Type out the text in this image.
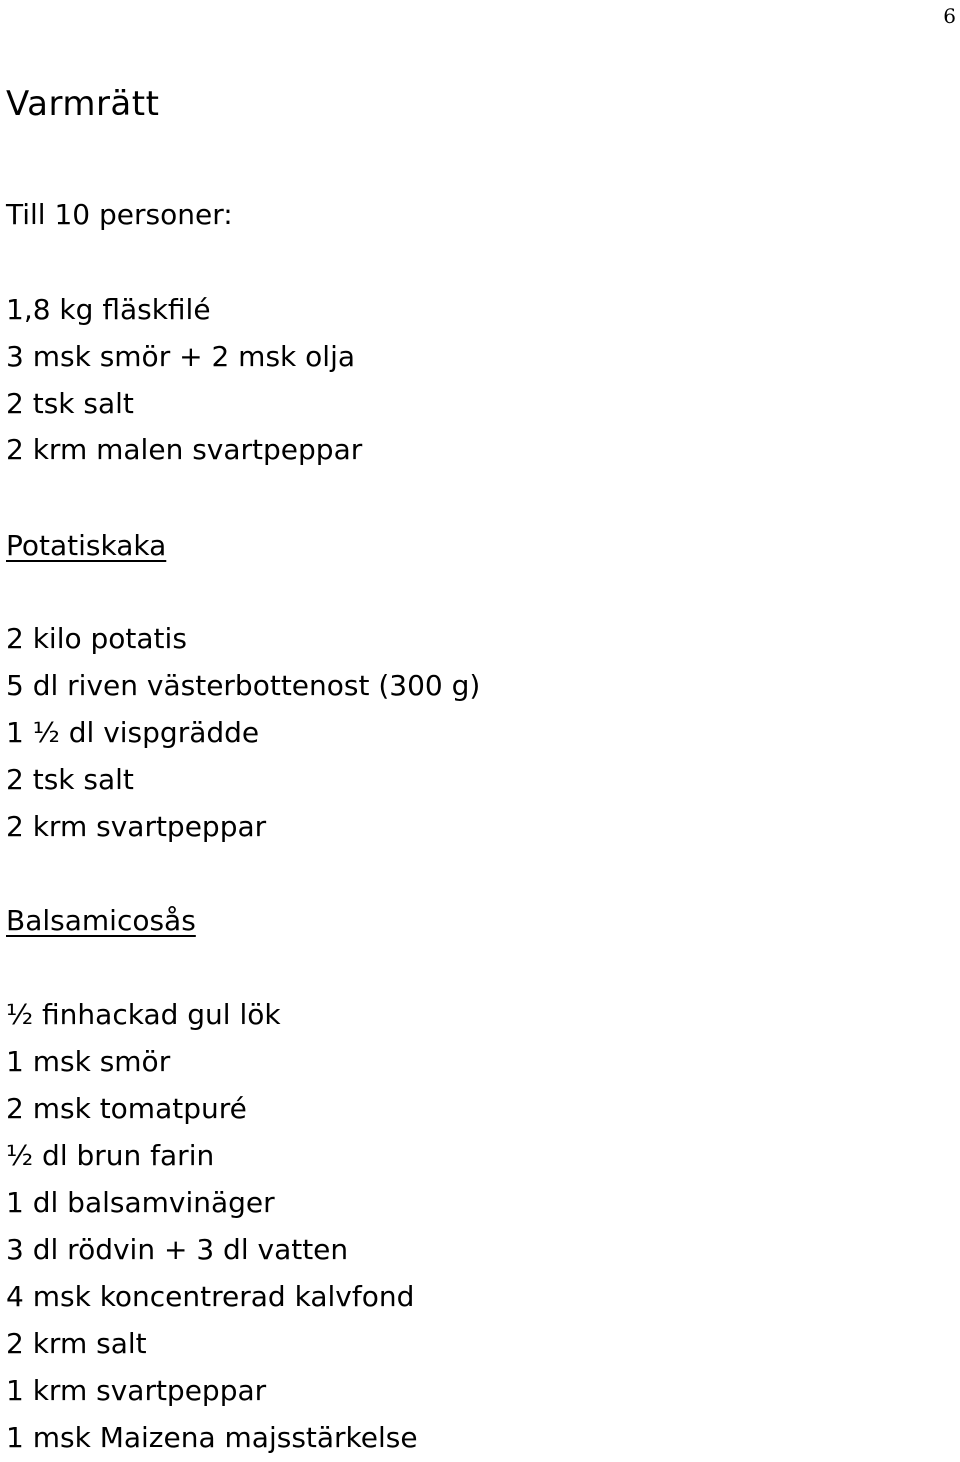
6
Varmrätt
Till 10 personer:
1,8 kg fläskfilé
3 msk smör + 2 msk olja
2 tsk salt
2 krm malen svartpeppar
Potatiskaka
2 kilo potatis
5 dl riven västerbottenost (300 g)
1 ½ dl vispgrädde
2 tsk salt
2 krm svartpeppar
Balsamicosås
½ finhackad gul lök
1 msk smör
2 msk tomatpuré
½ dl brun farin
1 dl balsamvinäger
3 dl rödvin + 3 dl vatten
4 msk koncentrerad kalvfond
2 krm salt
1 krm svartpeppar
1 msk Maizena majsstärkelse
